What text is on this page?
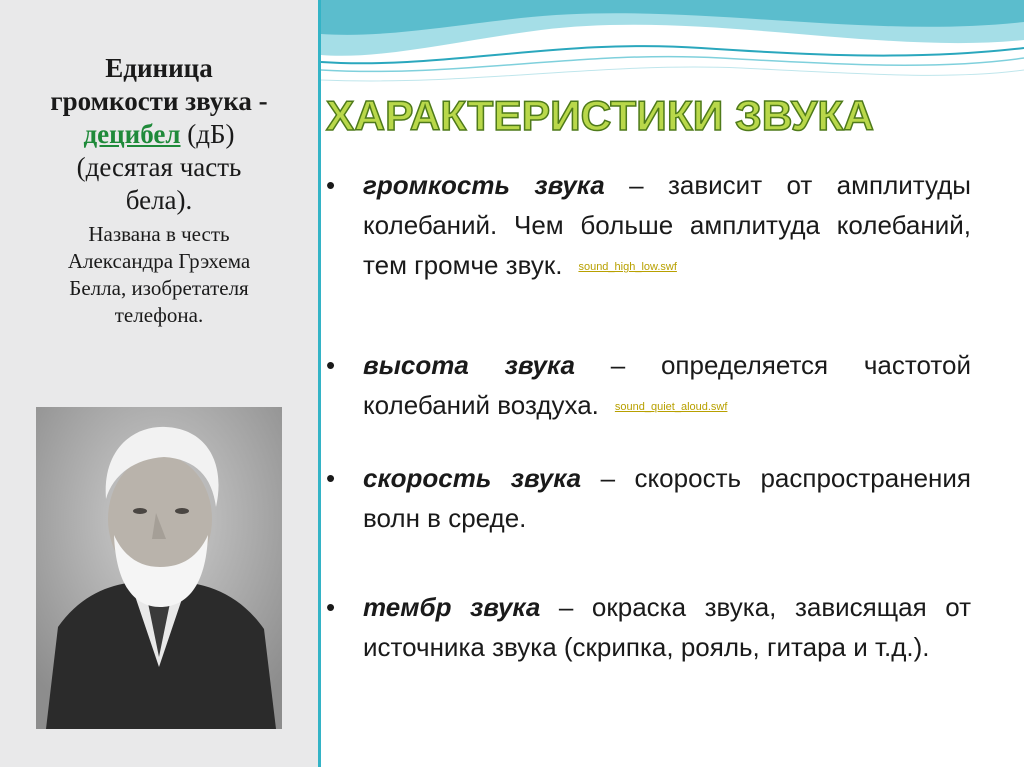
Единица
громкости звука -
децибел (дБ)
(десятая часть
бела).
Названа в честь
Александра Грэхема
Белла, изобретателя
телефона.
ХАРАКТЕРИСТИКИ ЗВУКА
• громкость звука – зависит от амплитуды колебаний. Чем больше амплитуда колебаний, тем громче звук. sound_high_low.swf
• высота звука – определяется частотой колебаний воздуха. sound_quiet_aloud.swf
• скорость звука – скорость распространения волн в среде.
• тембр звука – окраска звука, зависящая от источника звука (скрипка, рояль, гитара и т.д.).
